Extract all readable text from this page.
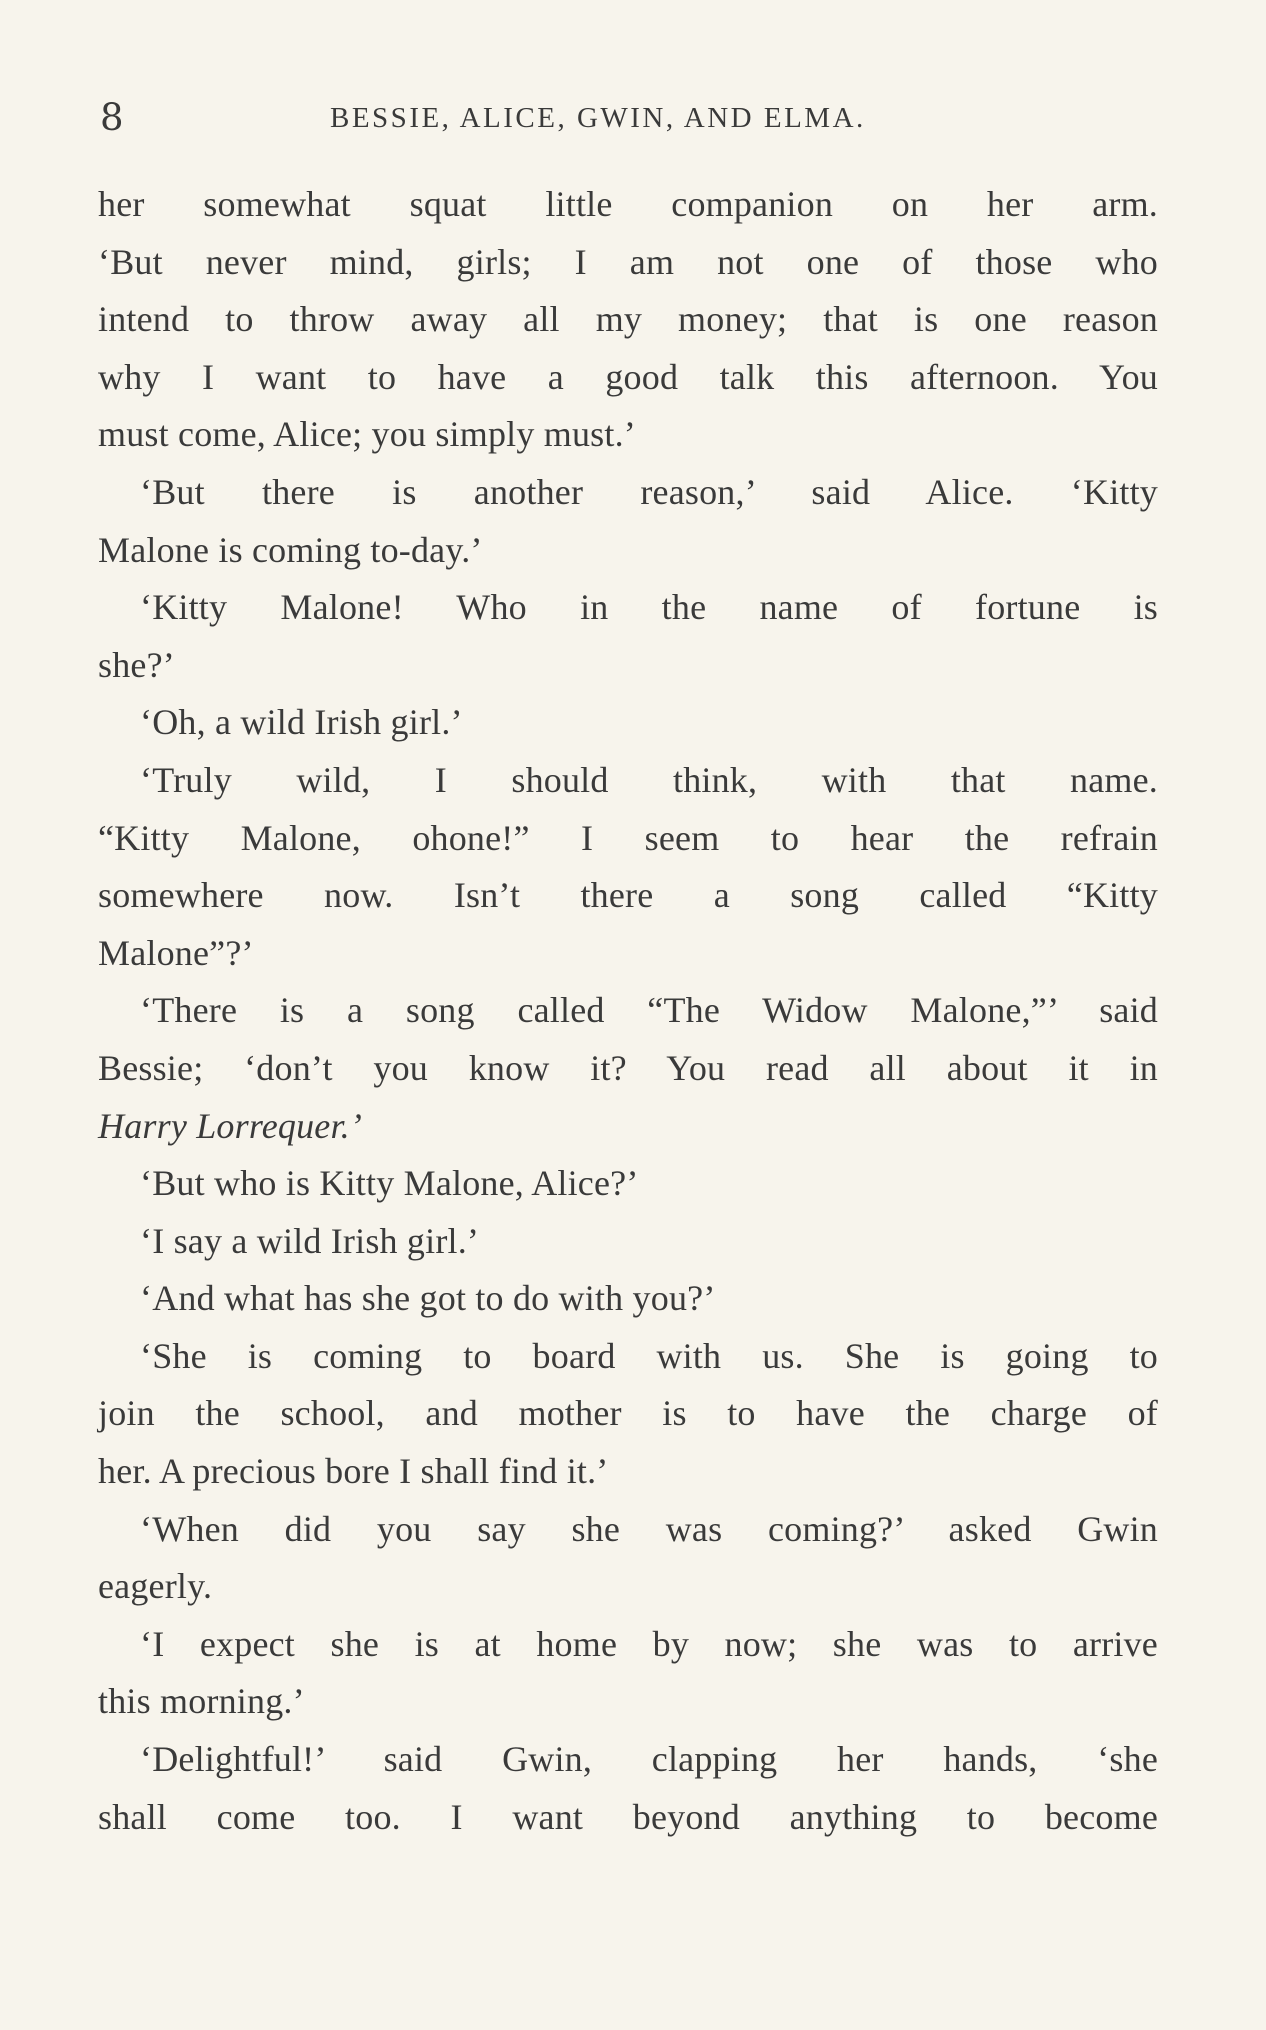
8	BESSIE, ALICE, GWIN, AND ELMA.
her somewhat squat little companion on her arm.
‘But never mind, girls; I am not one of those who
intend to throw away all my money; that is one reason
why I want to have a good talk this afternoon. You
must come, Alice; you simply must.’
‘But there is another reason,’ said Alice. ‘Kitty
Malone is coming to-day.’
‘Kitty Malone! Who in the name of fortune is
she?’
‘Oh, a wild Irish girl.’
‘Truly wild, I should think, with that name.
“Kitty Malone, ohone!” I seem to hear the refrain
somewhere now. Isn’t there a song called “Kitty
Malone”?’
‘There is a song called “The Widow Malone,”’ said
Bessie; ‘don’t you know it? You read all about it in
Harry Lorrequer.’
‘But who is Kitty Malone, Alice?’
‘I say a wild Irish girl.’
‘And what has she got to do with you?’
‘She is coming to board with us. She is going to
join the school, and mother is to have the charge of
her. A precious bore I shall find it.’
‘When did you say she was coming?’ asked Gwin
eagerly.
‘I expect she is at home by now; she was to arrive
this morning.’
‘Delightful!’ said Gwin, clapping her hands, ‘she
shall come too. I want beyond anything to become
